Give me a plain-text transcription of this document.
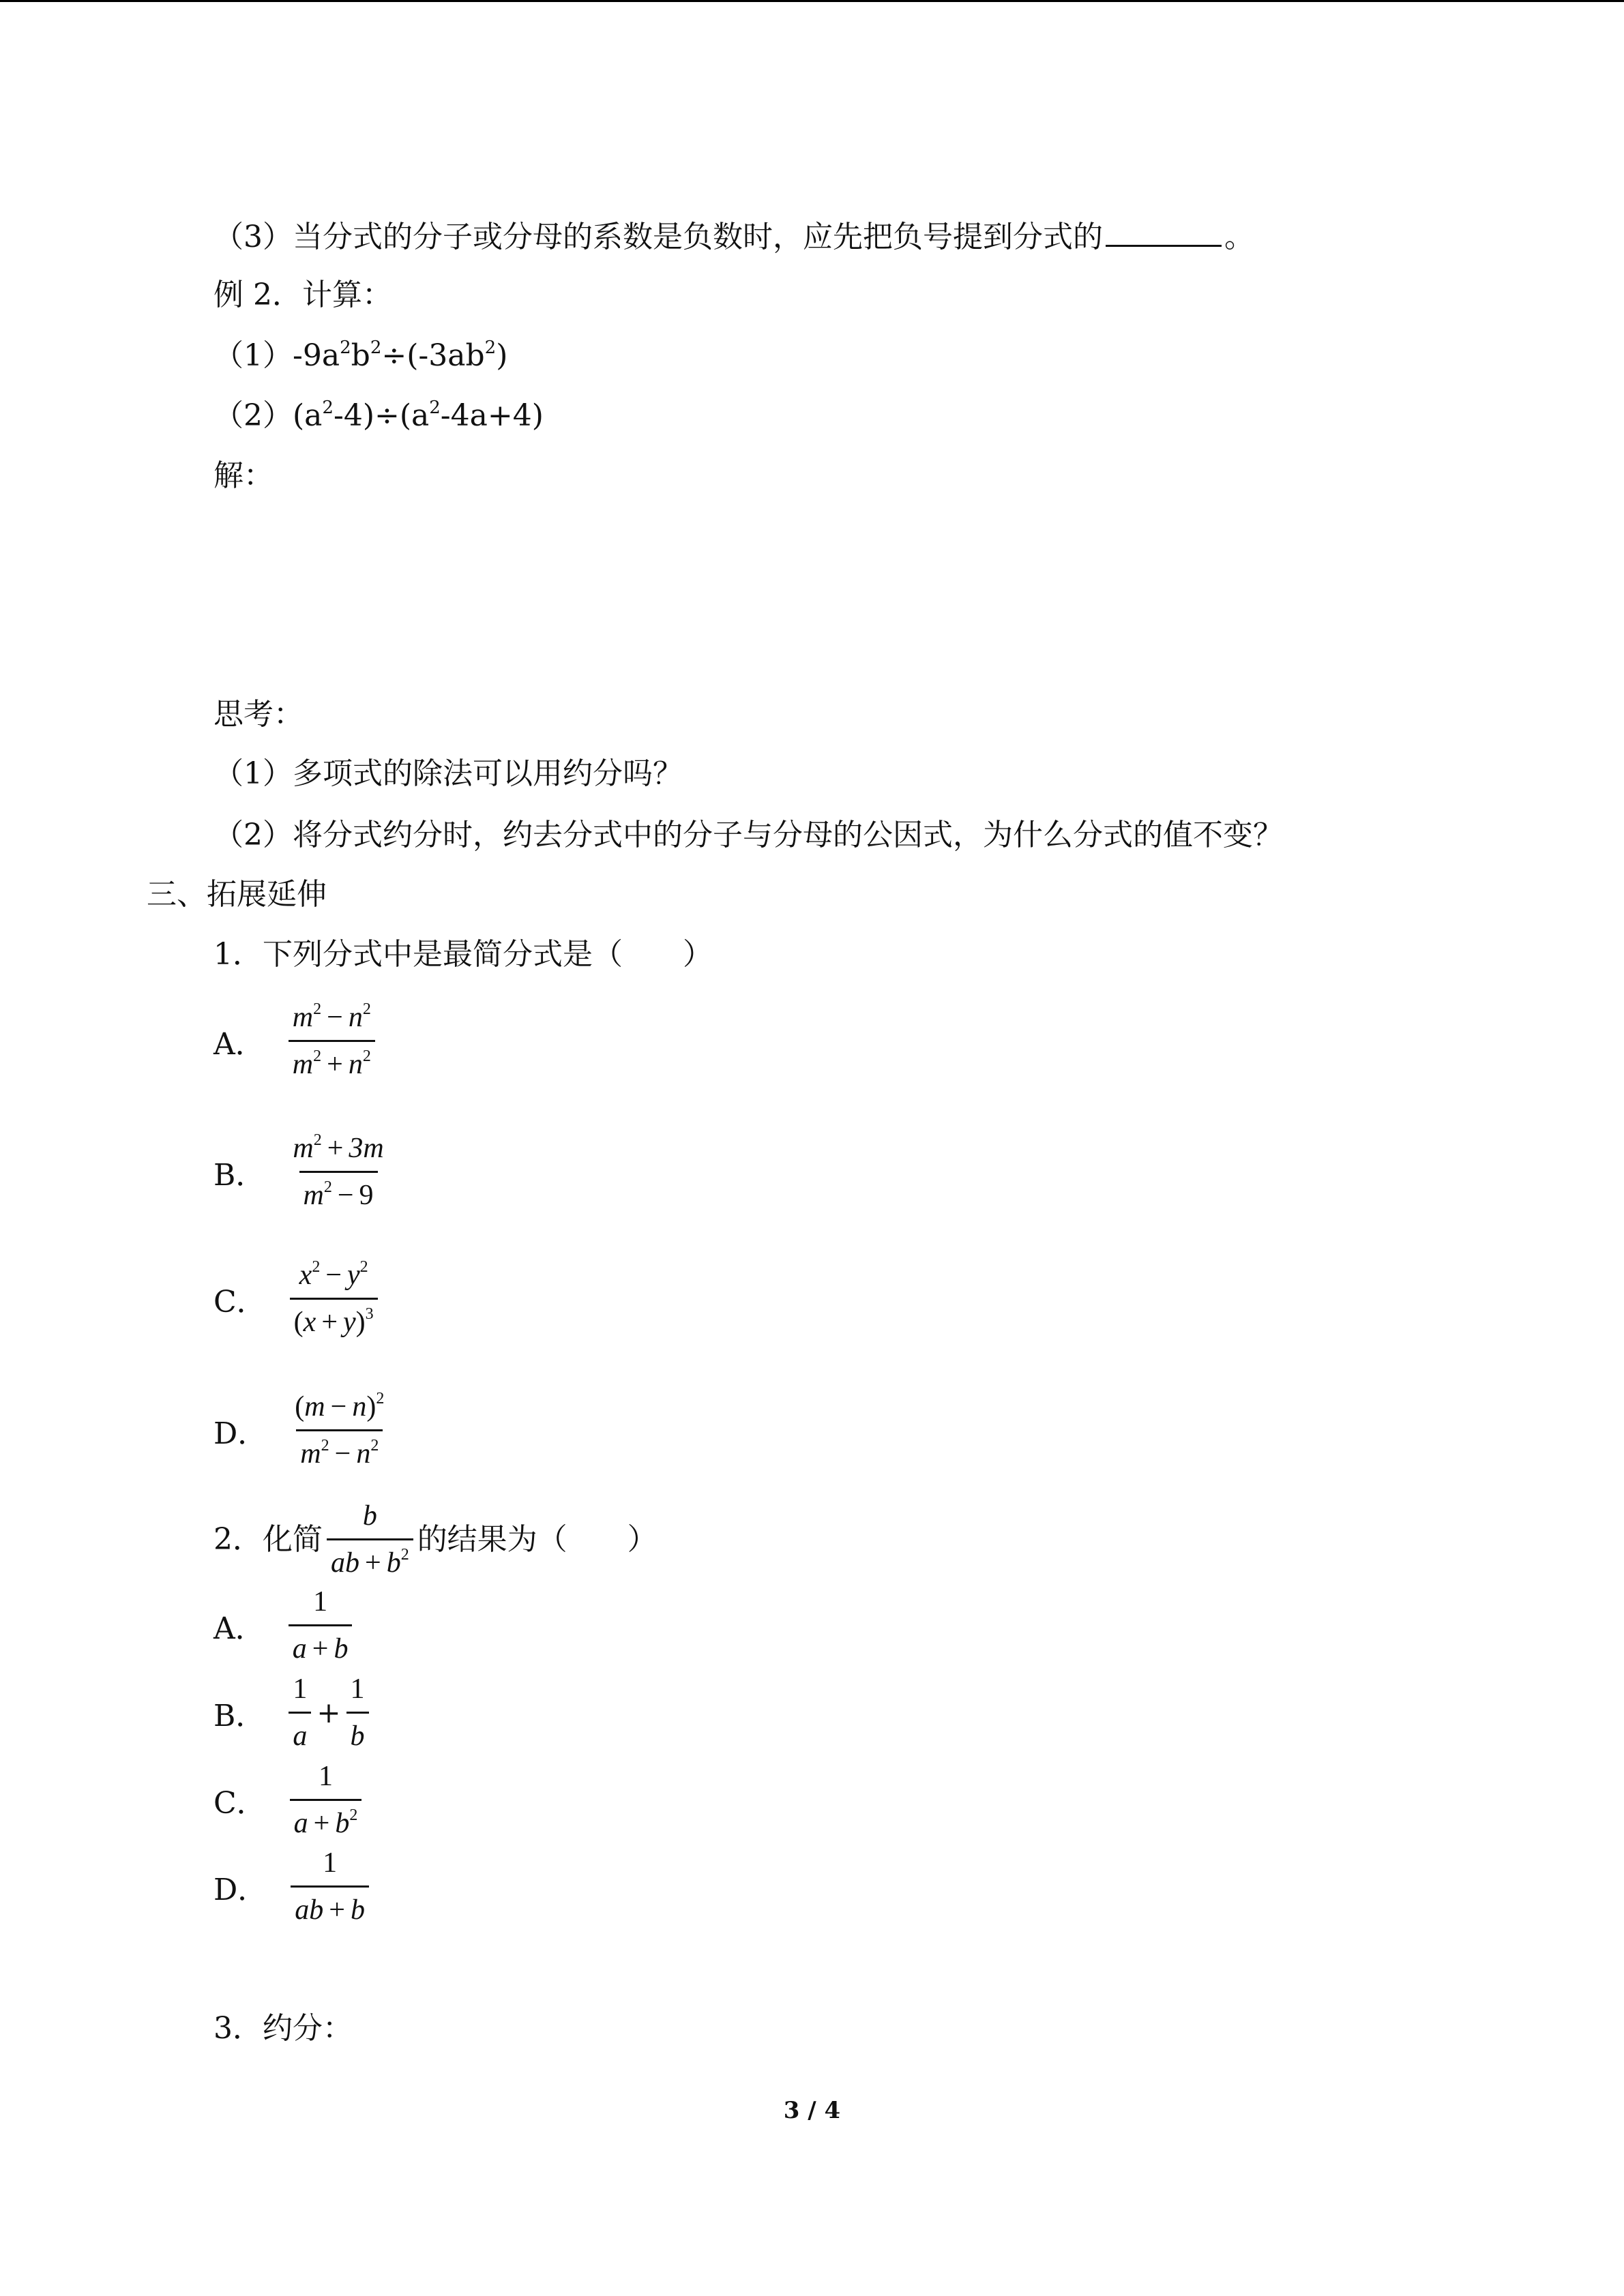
（3）当分式的分子或分母的系数是负数时，应先把负号提到分式的	。
例 2．计算：
$(1)-9a^2b^2\div(-3ab^2)$
$(2)(a^2-4)\div(a^2-4a+4)$
解：
思考：
（1）多项式的除法可以用约分吗？
（2）将分式约分时，约去分式中的分子与分母的公因式，为什么分式的值不变？
三、拓展延伸
1．下列分式中是最简分式是（　　）
A． $\frac{m^2 - n^2}{m^2 + n^2}$
B． $\frac{m^2 + 3m}{m^2 - 9}$
C． $\frac{x^2 - y^2}{(x + y)^3}$
D． $\frac{(m - n)^2}{m^2 - n^2}$
2．化简 $\frac{b}{ab + b^2}$ 的结果为（　　）
A． $\frac{1}{a + b}$
B． $\frac{1}{a} + \frac{1}{b}$
C． $\frac{1}{a + b^2}$
D． $\frac{1}{ab + b}$
3．约分：
3 / 4
